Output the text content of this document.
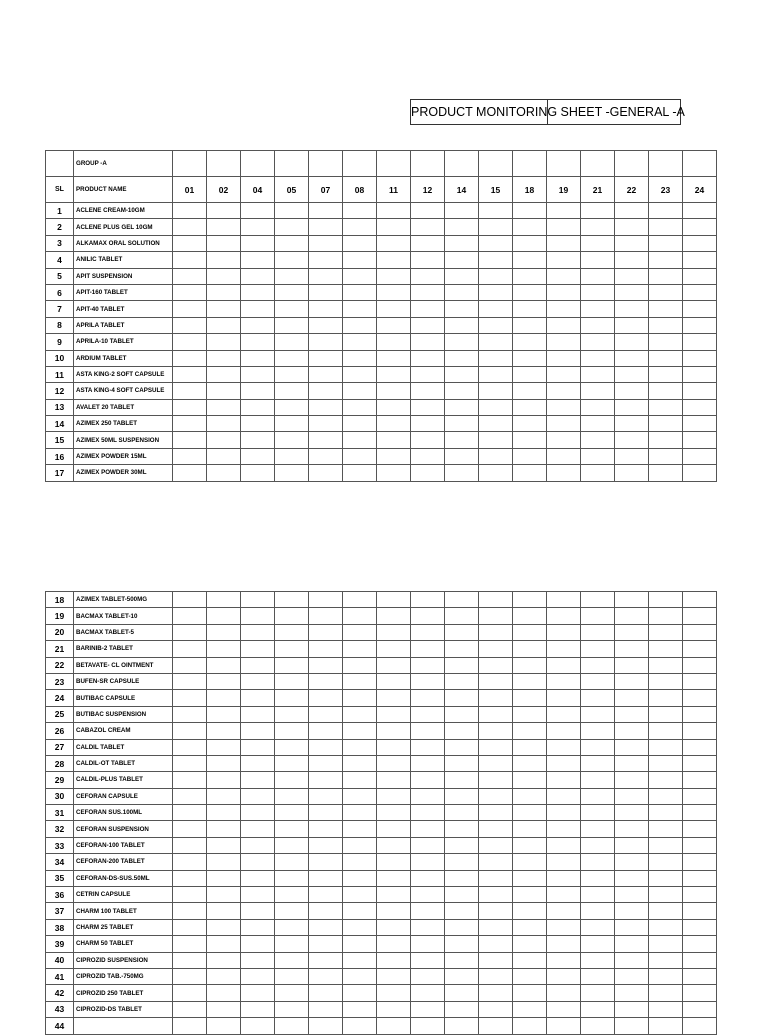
PRODUCT MONITORING SHEET -GENERAL -A
	GROUP -A																
SL	PRODUCT NAME	01	02	04	05	07	08	11	12	14	15	18	19	21	22	23	24
1	ACLENE CREAM-10GM																
2	ACLENE PLUS GEL 10GM																
3	ALKAMAX ORAL SOLUTION																
4	ANILIC TABLET																
5	APIT SUSPENSION																
6	APIT-160 TABLET																
7	APIT-40 TABLET																
8	APRILA TABLET																
9	APRILA-10 TABLET																
10	ARDIUM TABLET																
11	ASTA KING-2 SOFT CAPSULE																
12	ASTA KING-4 SOFT CAPSULE																
13	AVALET 20 TABLET																
14	AZIMEX 250 TABLET																
15	AZIMEX 50ML SUSPENSION																
16	AZIMEX POWDER 15ML																
17	AZIMEX POWDER 30ML																
18	AZIMEX TABLET-500MG																
19	BACMAX TABLET-10																
20	BACMAX TABLET-5																
21	BARINIB-2 TABLET																
22	BETAVATE- CL OINTMENT																
23	BUFEN-SR CAPSULE																
24	BUTIBAC CAPSULE																
25	BUTIBAC SUSPENSION																
26	CABAZOL CREAM																
27	CALDIL TABLET																
28	CALDIL-OT TABLET																
29	CALDIL-PLUS TABLET																
30	CEFORAN CAPSULE																
31	CEFORAN SUS.100ML																
32	CEFORAN SUSPENSION																
33	CEFORAN-100 TABLET																
34	CEFORAN-200 TABLET																
35	CEFORAN-DS-SUS.50ML																
36	CETRIN CAPSULE																
37	CHARM 100 TABLET																
38	CHARM 25 TABLET																
39	CHARM 50 TABLET																
40	CIPROZID SUSPENSION																
41	CIPROZID TAB.-750MG																
42	CIPROZID 250 TABLET																
43	CIPROZID-DS TABLET																
44																	
